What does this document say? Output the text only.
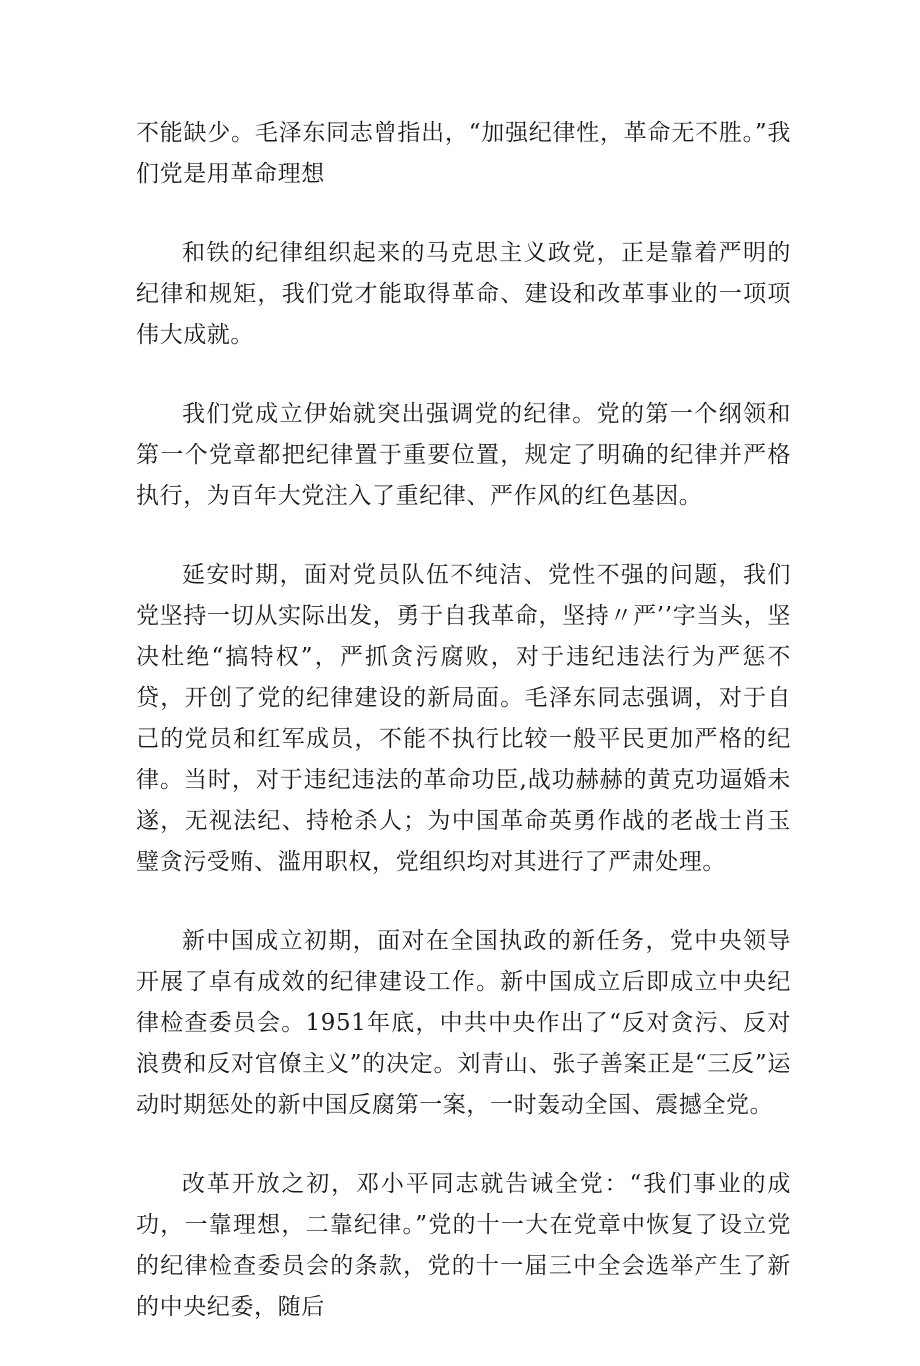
不能缺少。毛泽东同志曾指出，“加强纪律性，革命无不胜。”我们党是用革命理想

和铁的纪律组织起来的马克思主义政党，正是靠着严明的纪律和规矩，我们党才能取得革命、建设和改革事业的一项项伟大成就。

我们党成立伊始就突出强调党的纪律。党的第一个纲领和第一个党章都把纪律置于重要位置，规定了明确的纪律并严格执行，为百年大党注入了重纪律、严作风的红色基因。

延安时期，面对党员队伍不纯洁、党性不强的问题，我们党坚持一切从实际出发，勇于自我革命，坚持〃严’’字当头，坚决杜绝“搞特权”，严抓贪污腐败，对于违纪违法行为严惩不贷，开创了党的纪律建设的新局面。毛泽东同志强调，对于自己的党员和红军成员，不能不执行比较一般平民更加严格的纪律。当时，对于违纪违法的革命功臣,战功赫赫的黄克功逼婚未遂，无视法纪、持枪杀人；为中国革命英勇作战的老战士肖玉璧贪污受贿、滥用职权，党组织均对其进行了严肃处理。

新中国成立初期，面对在全国执政的新任务，党中央领导开展了卓有成效的纪律建设工作。新中国成立后即成立中央纪律检查委员会。1951年底，中共中央作出了“反对贪污、反对浪费和反对官僚主义”的决定。刘青山、张子善案正是“三反”运动时期惩处的新中国反腐第一案，一时轰动全国、震撼全党。

改革开放之初，邓小平同志就告诫全党：“我们事业的成功，一靠理想，二靠纪律。”党的十一大在党章中恢复了设立党的纪律检查委员会的条款，党的十一届三中全会选举产生了新的中央纪委，随后
